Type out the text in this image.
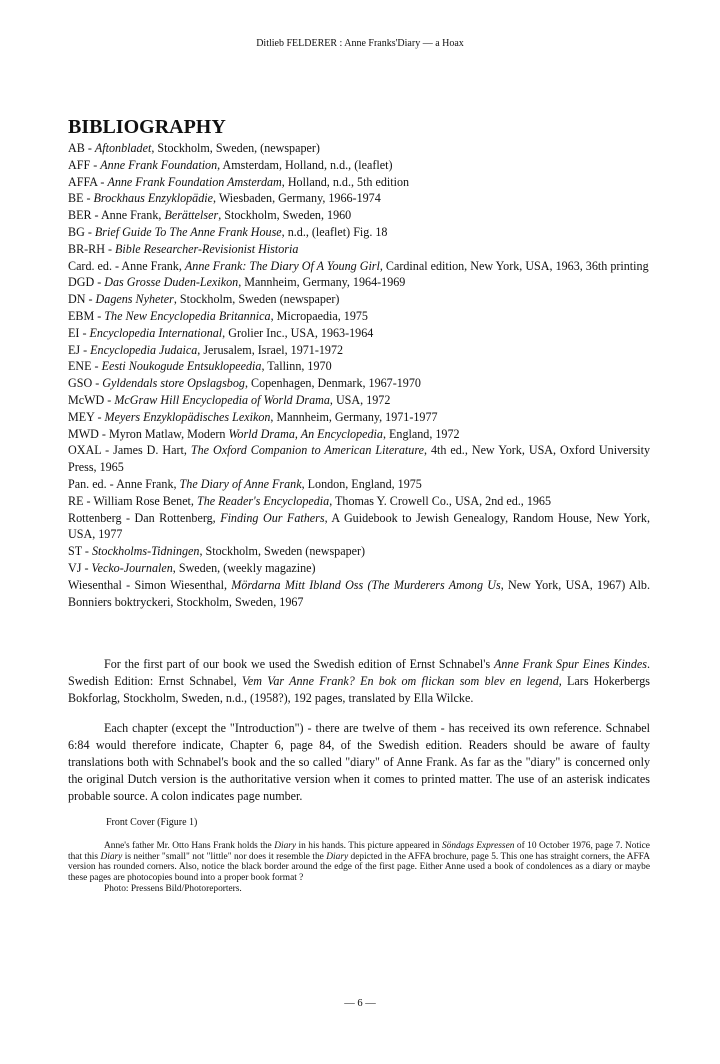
Ditlieb FELDERER : Anne Franks'Diary — a Hoax
BIBLIOGRAPHY

AB - Aftonbladet, Stockholm, Sweden, (newspaper)

AFF - Anne Frank Foundation, Amsterdam, Holland, n.d., (leaflet)

AFFA - Anne Frank Foundation Amsterdam, Holland, n.d., 5th edition

BE - Brockhaus Enzyklopädie, Wiesbaden, Germany, 1966-1974

BER - Anne Frank, Berättelser, Stockholm, Sweden, 1960

BG - Brief Guide To The Anne Frank House, n.d., (leaflet) Fig. 18

BR-RH - Bible Researcher-Revisionist Historia

Card. ed. - Anne Frank, Anne Frank: The Diary Of A Young Girl, Cardinal edition, New York, USA, 1963, 36th printing

DGD - Das Grosse Duden-Lexikon, Mannheim, Germany, 1964-1969

DN - Dagens Nyheter, Stockholm, Sweden (newspaper)

EBM - The New Encyclopedia Britannica, Micropaedia, 1975

EI - Encyclopedia International, Grolier Inc., USA, 1963-1964

EJ - Encyclopedia Judaica, Jerusalem, Israel, 1971-1972

ENE - Eesti Noukogude Entsuklopeedia, Tallinn, 1970

GSO - Gyldendals store Opslagsbog, Copenhagen, Denmark, 1967-1970

McWD - McGraw Hill Encyclopedia of World Drama, USA, 1972

MEY - Meyers Enzyklopädisches Lexikon, Mannheim, Germany, 1971-1977

MWD - Myron Matlaw, Modern World Drama, An Encyclopedia, England, 1972

OXAL - James D. Hart, The Oxford Companion to American Literature, 4th ed., New York, USA, Oxford University Press, 1965

Pan. ed. - Anne Frank, The Diary of Anne Frank, London, England, 1975

RE - William Rose Benet, The Reader's Encyclopedia, Thomas Y. Crowell Co., USA, 2nd ed., 1965

Rottenberg - Dan Rottenberg, Finding Our Fathers, A Guidebook to Jewish Genealogy, Random House, New York, USA, 1977

ST - Stockholms-Tidningen, Stockholm, Sweden (newspaper)

VJ - Vecko-Journalen, Sweden, (weekly magazine)

Wiesenthal - Simon Wiesenthal, Mördarna Mitt Ibland Oss (The Murderers Among Us, New York, USA, 1967) Alb. Bonniers boktryckeri, Stockholm, Sweden, 1967

For the first part of our book we used the Swedish edition of Ernst Schnabel's Anne Frank Spur Eines Kindes. Swedish Edition: Ernst Schnabel, Vem Var Anne Frank? En bok om flickan som blev en legend, Lars Hokerbergs Bokforlag, Stockholm, Sweden, n.d., (1958?), 192 pages, translated by Ella Wilcke.

Each chapter (except the "Introduction") - there are twelve of them - has received its own reference. Schnabel 6:84 would therefore indicate, Chapter 6, page 84, of the Swedish edition. Readers should be aware of faulty translations both with Schnabel's book and the so called "diary" of Anne Frank. As far as the "diary" is concerned only the original Dutch version is the authoritative version when it comes to printed matter. The use of an asterisk indicates probable source. A colon indicates page number.

Front Cover (Figure 1)

Anne's father Mr. Otto Hans Frank holds the Diary in his hands. This picture appeared in Söndags Expressen of 10 October 1976, page 7. Notice that this Diary is neither "small" not "little" nor does it resemble the Diary depicted in the AFFA brochure, page 5. This one has straight corners, the AFFA version has rounded corners. Also, notice the black border around the edge of the first page. Either Anne used a book of condolences as a diary or maybe these pages are photocopies bound into a proper book format ?

Photo: Pressens Bild/Photoreporters.

— 6 —
